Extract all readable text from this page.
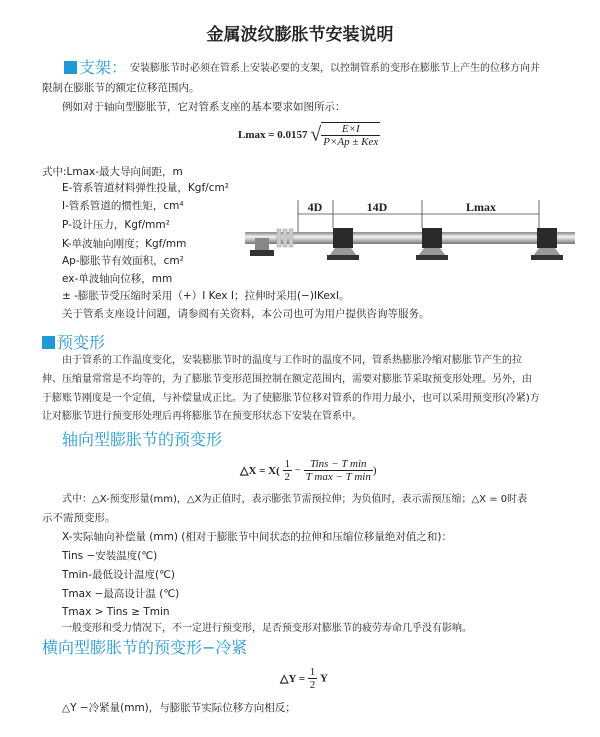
金属波纹膨胀节安装说明
支架： 安装膨胀节时必须在管系上安装必要的支架，以控制管系的变形在膨胀节上产生的位移方向并
限制在膨胀节的额定位移范围内。
例如对于轴向型膨胀节，它对管系支座的基本要求如图所示：
Lmax = 0.0157 √ $\frac{E\times I}{\text{P×Ap ± Kex}}$
式中:Lmax-最大导向间距，m
E-管系管道材料弹性投量，Kgf/cm²
I-管系管道的惯性矩，cm⁴
P-设计压力，Kgf/mm²
K-单波轴向刚度；Kgf/mm
Ap-膨胀节有效面积，cm²
ex-单波轴向位移，mm
± -膨胀节受压缩时采用（+）I Kex I；拉伸时采用(−)IKexI。
关于管系支座设计问题，请参阅有关资料，本公司也可为用户提供咨询等服务。
4D	14D	Lmax
预变形
由于管系的工作温度变化，安装膨胀节时的温度与工作时的温度不同，管系热膨胀冷缩对膨胀节产生的拉
伸、压缩量常常是不均等的，为了膨胀节变形范围控制在额定范围内，需要对膨胀节采取预变形处理。另外，由
于膨账节刚度是一个定值，与补偿量成正比。为了使膨胀节位移对管系的作用力最小，也可以采用预变形(冷紧)方
让对膨胀节进行预变形处理后再将膨胀节在预变形状态下安装在管系中。
轴向型膨胀节的预变形
△X = $X( \frac{1}{2} - \frac{\text{Tins − T min}}{\text{T max − T min}}$ )
式中：△X-预变形量(mm)，△X为正值时，表示膨张节需预拉伸；为负值时，表示需预压缩；△X = 0时表
示不需预变形。
X-实际轴向补偿量 (mm) (相对于膨胀节中间状态的拉伸和压缩位移量绝对值之和)：
Tins −安装温度(℃)
Tmin-最低设计温度(℃)
Tmax −最高设计温 (℃)
Tmax > Tins ≥ Tmin
一般变形和受力情况下，不一定进行预变形，足否预变形对膨胀节的疲劳寿命几乎没有影响。
横向型膨胀节的预变形−冷紧
△Y = $\frac{1}{2}$ Y
△Y −冷紧量(mm)，与膨胀节实际位移方向相反；
